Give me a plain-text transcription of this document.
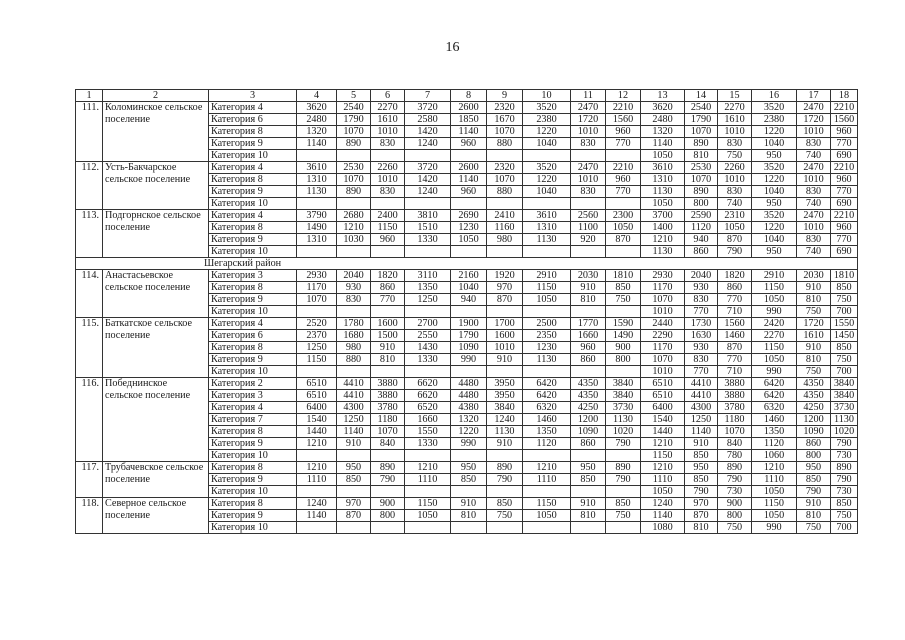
16
1	2	3	4	5	6	7	8	9	10	11	12	13	14	15	16	17	18
111.	Коломинское сельское поселение	Категория 4	3620	2540	2270	3720	2600	2320	3520	2470	2210	3620	2540	2270	3520	2470	2210
		Категория 6	2480	1790	1610	2580	1850	1670	2380	1720	1560	2480	1790	1610	2380	1720	1560
		Категория 8	1320	1070	1010	1420	1140	1070	1220	1010	960	1320	1070	1010	1220	1010	960
		Категория 9	1140	890	830	1240	960	880	1040	830	770	1140	890	830	1040	830	770
		Категория 10										1050	810	750	950	740	690
112.	Усть-Бакчарское сельское поселение	Категория 4	3610	2530	2260	3720	2600	2320	3520	2470	2210	3610	2530	2260	3520	2470	2210
		Категория 8	1310	1070	1010	1420	1140	1070	1220	1010	960	1310	1070	1010	1220	1010	960
		Категория 9	1130	890	830	1240	960	880	1040	830	770	1130	890	830	1040	830	770
		Категория 10										1050	800	740	950	740	690
113.	Подгорнское сельское поселение	Категория 4	3790	2680	2400	3810	2690	2410	3610	2560	2300	3700	2590	2310	3520	2470	2210
		Категория 8	1490	1210	1150	1510	1230	1160	1310	1100	1050	1400	1120	1050	1220	1010	960
		Категория 9	1310	1030	960	1330	1050	980	1130	920	870	1210	940	870	1040	830	770
		Категория 10										1130	860	790	950	740	690
Шегарский район																	
114.	Анастасьевское сельское поселение	Категория 3	2930	2040	1820	3110	2160	1920	2910	2030	1810	2930	2040	1820	2910	2030	1810
		Категория 8	1170	930	860	1350	1040	970	1150	910	850	1170	930	860	1150	910	850
		Категория 9	1070	830	770	1250	940	870	1050	810	750	1070	830	770	1050	810	750
		Категория 10										1010	770	710	990	750	700
115.	Баткатское сельское поселение	Категория 4	2520	1780	1600	2700	1900	1700	2500	1770	1590	2440	1730	1560	2420	1720	1550
		Категория 6	2370	1680	1500	2550	1790	1600	2350	1660	1490	2290	1630	1460	2270	1610	1450
		Категория 8	1250	980	910	1430	1090	1010	1230	960	900	1170	930	870	1150	910	850
		Категория 9	1150	880	810	1330	990	910	1130	860	800	1070	830	770	1050	810	750
		Категория 10										1010	770	710	990	750	700
116.	Победнинское сельское поселение	Категория 2	6510	4410	3880	6620	4480	3950	6420	4350	3840	6510	4410	3880	6420	4350	3840
		Категория 3	6510	4410	3880	6620	4480	3950	6420	4350	3840	6510	4410	3880	6420	4350	3840
		Категория 4	6400	4300	3780	6520	4380	3840	6320	4250	3730	6400	4300	3780	6320	4250	3730
		Категория 7	1540	1250	1180	1660	1320	1240	1460	1200	1130	1540	1250	1180	1460	1200	1130
		Категория 8	1440	1140	1070	1550	1220	1130	1350	1090	1020	1440	1140	1070	1350	1090	1020
		Категория 9	1210	910	840	1330	990	910	1120	860	790	1210	910	840	1120	860	790
		Категория 10										1150	850	780	1060	800	730
117.	Трубачевское сельское поселение	Категория 8	1210	950	890	1210	950	890	1210	950	890	1210	950	890	1210	950	890
		Категория 9	1110	850	790	1110	850	790	1110	850	790	1110	850	790	1110	850	790
		Категория 10										1050	790	730	1050	790	730
118.	Северное сельское поселение	Категория 8	1240	970	900	1150	910	850	1150	910	850	1240	970	900	1150	910	850
		Категория 9	1140	870	800	1050	810	750	1050	810	750	1140	870	800	1050	810	750
		Категория 10										1080	810	750	990	750	700
